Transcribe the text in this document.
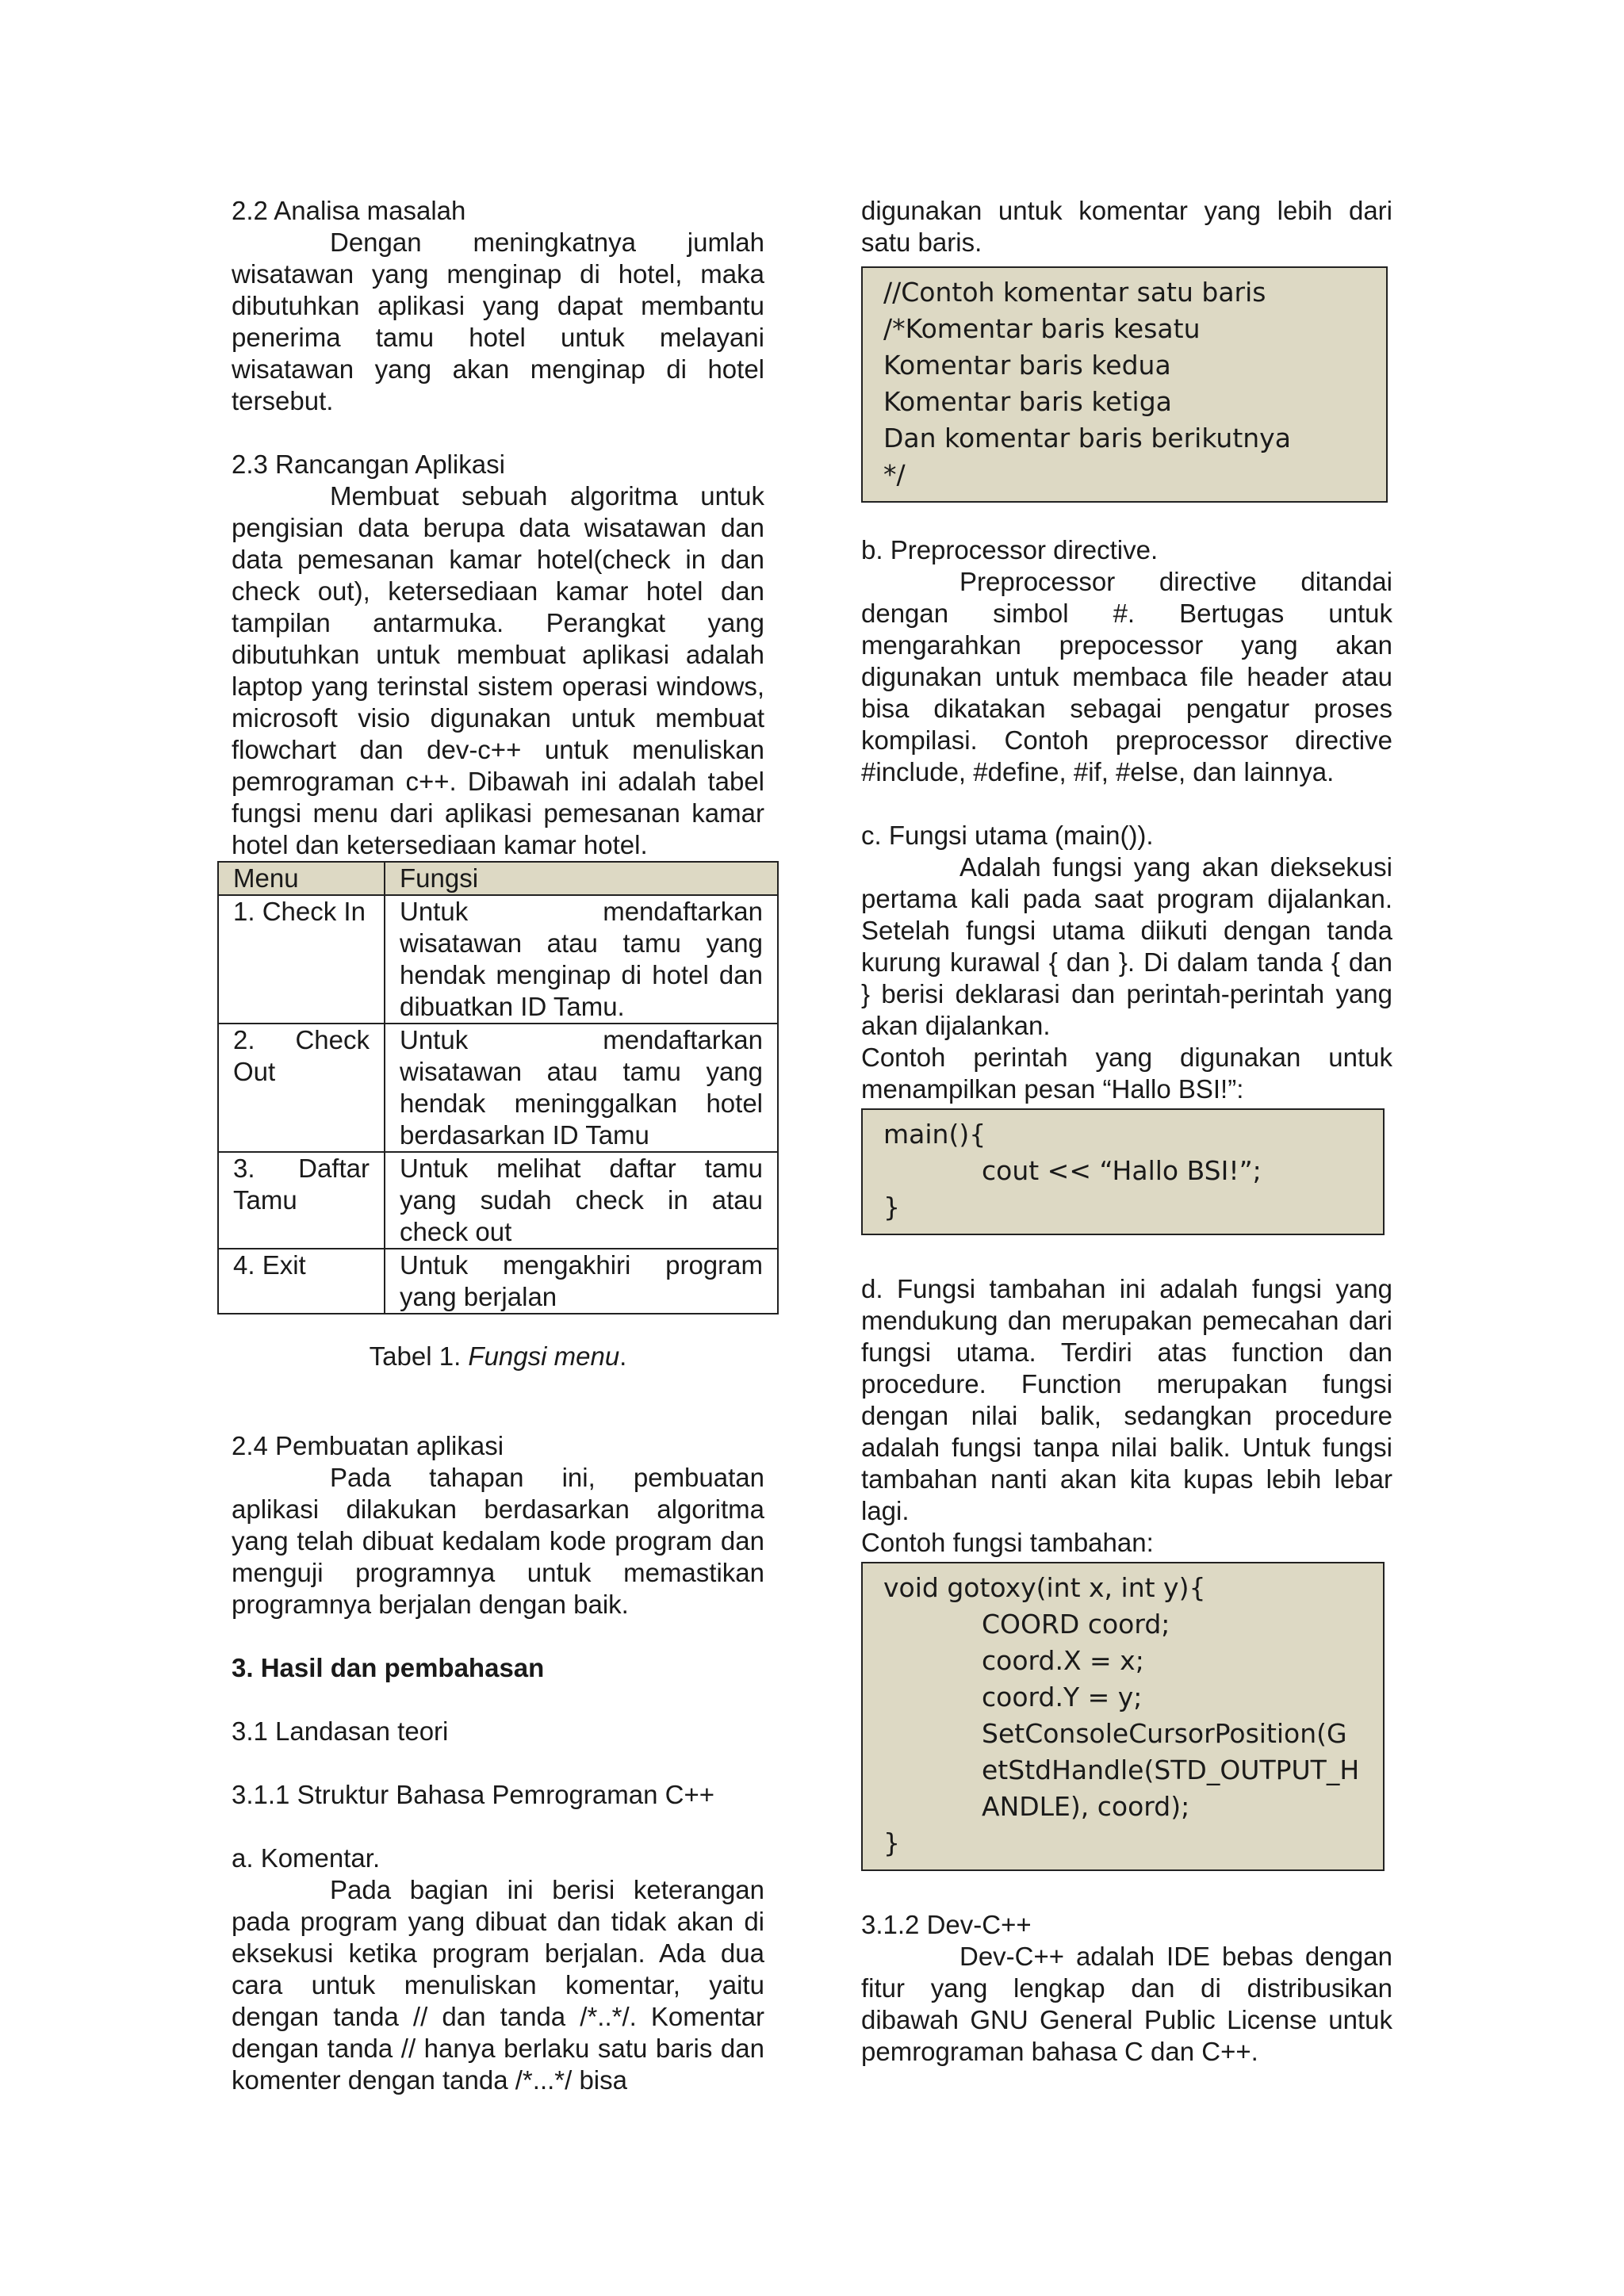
2.2 Analisa masalah

Dengan meningkatnya jumlah wisatawan yang menginap di hotel, maka dibutuhkan aplikasi yang dapat membantu penerima tamu hotel untuk melayani wisatawan yang akan menginap di hotel tersebut.

2.3 Rancangan Aplikasi

Membuat sebuah algoritma untuk pengisian data berupa data wisatawan dan data pemesanan kamar hotel(check in dan check out), ketersediaan kamar hotel dan tampilan antarmuka. Perangkat yang dibutuhkan untuk membuat aplikasi adalah laptop yang terinstal sistem operasi windows, microsoft visio digunakan untuk membuat flowchart dan dev-c++ untuk menuliskan pemrograman c++. Dibawah ini adalah tabel fungsi menu dari aplikasi pemesanan kamar hotel dan ketersediaan kamar hotel.

Menu	Fungsi
1. Check In	Untuk mendaftarkan wisatawan atau tamu yang hendak menginap di hotel dan dibuatkan ID Tamu.
2. Check Out	Untuk mendaftarkan wisatawan atau tamu yang hendak meninggalkan hotel berdasarkan ID Tamu
3. Daftar Tamu	Untuk melihat daftar tamu yang sudah check in atau check out
4. Exit	Untuk mengakhiri program yang berjalan

Tabel 1. Fungsi menu.

2.4 Pembuatan aplikasi

Pada tahapan ini, pembuatan aplikasi dilakukan berdasarkan algoritma yang telah dibuat kedalam kode program dan menguji programnya untuk memastikan programnya berjalan dengan baik.

3. Hasil dan pembahasan

3.1 Landasan teori

3.1.1 Struktur Bahasa Pemrograman C++

a. Komentar.

Pada bagian ini berisi keterangan pada program yang dibuat dan tidak akan di eksekusi ketika program berjalan. Ada dua cara untuk menuliskan komentar, yaitu dengan tanda // dan tanda /*..*/. Komentar dengan tanda // hanya berlaku satu baris dan komenter dengan tanda /*...*/ bisa

digunakan untuk komentar yang lebih dari satu baris.

//Contoh komentar satu baris
/*Komentar baris kesatu
Komentar baris kedua
Komentar baris ketiga
Dan komentar baris berikutnya
*/

b. Preprocessor directive.

Preprocessor directive ditandai dengan simbol #. Bertugas untuk mengarahkan prepocessor yang akan digunakan untuk membaca file header atau bisa dikatakan sebagai pengatur proses kompilasi. Contoh preprocessor directive #include, #define, #if, #else, dan lainnya.

c. Fungsi utama (main()).

Adalah fungsi yang akan dieksekusi pertama kali pada saat program dijalankan. Setelah fungsi utama diikuti dengan tanda kurung kurawal { dan }. Di dalam tanda { dan } berisi deklarasi dan perintah-perintah yang akan dijalankan.

Contoh perintah yang digunakan untuk menampilkan pesan “Hallo BSI!”:

main(){
cout << “Hallo BSI!”;
}

d. Fungsi tambahan ini adalah fungsi yang mendukung dan merupakan pemecahan dari fungsi utama. Terdiri atas function dan procedure. Function merupakan fungsi dengan nilai balik, sedangkan procedure adalah fungsi tanpa nilai balik. Untuk fungsi tambahan nanti akan kita kupas lebih lebar lagi.

Contoh fungsi tambahan:

void gotoxy(int x, int y){
COORD coord;
coord.X = x;
coord.Y = y;
SetConsoleCursorPosition(GetStdHandle(STD_OUTPUT_HANDLE), coord);
}

3.1.2 Dev-C++

Dev-C++ adalah IDE bebas dengan fitur yang lengkap dan di distribusikan dibawah GNU General Public License untuk pemrograman bahasa C dan C++.
